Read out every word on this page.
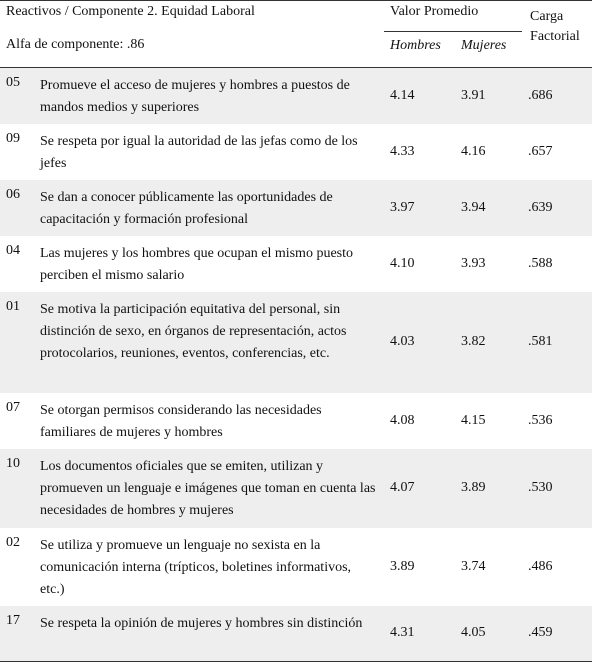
Reactivos / Componente 2. Equidad Laboral		Valor Promedio		Carga
Factorial
Alfa de componente: .86		Hombres	Mujeres	
05	Promueve el acceso de mujeres y hombres a puestos de mandos medios y superiores	4.14	3.91	.686
09	Se respeta por igual la autoridad de las jefas como de los jefes	4.33	4.16	.657
06	Se dan a conocer públicamente las oportunidades de capacitación y formación profesional	3.97	3.94	.639
04	Las mujeres y los hombres que ocupan el mismo puesto perciben el mismo salario	4.10	3.93	.588
01	Se motiva la participación equitativa del personal, sin distinción de sexo, en órganos de representación, actos protocolarios, reuniones, eventos, conferencias, etc.	4.03	3.82	.581
07	Se otorgan permisos considerando las necesidades familiares de mujeres y hombres	4.08	4.15	.536
10	Los documentos oficiales que se emiten, utilizan y promueven un lenguaje e imágenes que toman en cuenta las necesidades de hombres y mujeres	4.07	3.89	.530
02	Se utiliza y promueve un lenguaje no sexista en la comunicación interna (trípticos, boletines informativos, etc.)	3.89	3.74	.486
17	Se respeta la opinión de mujeres y hombres sin distinción	4.31	4.05	.459
